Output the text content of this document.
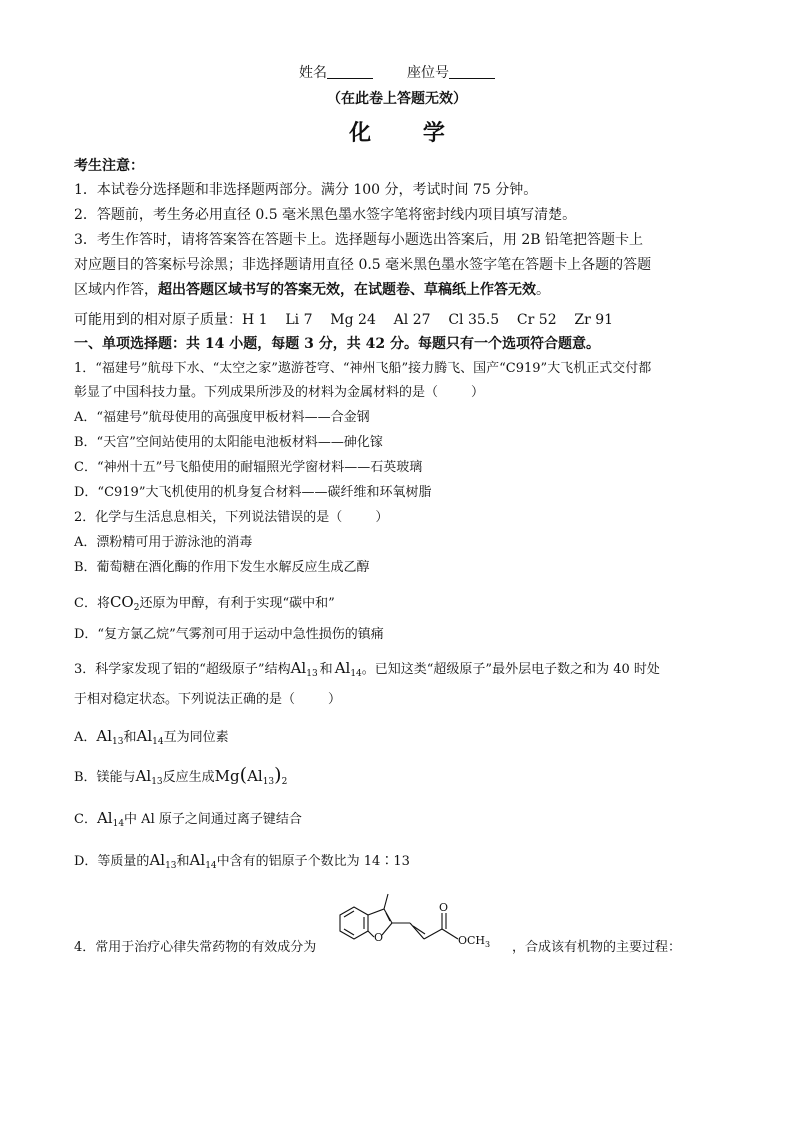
姓名	座位号
（在此卷上答题无效）
化 学
考生注意：
1．本试卷分选择题和非选择题两部分。满分 100 分，考试时间 75 分钟。
2．答题前，考生务必用直径 0.5 毫米黑色墨水签字笔将密封线内项目填写清楚。
3．考生作答时，请将答案答在答题卡上。选择题每小题选出答案后，用 2B 铅笔把答题卡上
对应题目的答案标号涂黑；非选择题请用直径 0.5 毫米黑色墨水签字笔在答题卡上各题的答题
区域内作答，超出答题区域书写的答案无效，在试题卷、草稿纸上作答无效。
可能用到的相对原子质量：H 1    Li 7    Mg 24    Al 27    Cl 35.5    Cr 52    Zr 91
一、单项选择题：共 14 小题，每题 3 分，共 42 分。每题只有一个选项符合题意。
1．“福建号”航母下水、“太空之家”遨游苍穹、“神州飞船”接力腾飞、国产“C919”大飞机正式交付都
彰显了中国科技力量。下列成果所涉及的材料为金属材料的是（        ）
A．“福建号”航母使用的高强度甲板材料——合金钢
B．“天宫”空间站使用的太阳能电池板材料——砷化镓
C．“神州十五”号飞船使用的耐辐照光学窗材料——石英玻璃
D．“C919”大飞机使用的机身复合材料——碳纤维和环氧树脂
2．化学与生活息息相关，下列说法错误的是（        ）
A．漂粉精可用于游泳池的消毒
B．葡萄糖在酒化酶的作用下发生水解反应生成乙醇
C．将$CO_2$还原为甲醇，有利于实现“碳中和”
D．“复方氯乙烷”气雾剂可用于运动中急性损伤的镇痛
3．科学家发现了铝的“超级原子”结构$Al_{13}$ 和 $Al_{14}$。已知这类“超级原子”最外层电子数之和为 40 时处
于相对稳定状态。下列说法正确的是（        ）
A．$Al_{13}$和$Al_{14}$互为同位素
B．镁能与$Al_{13}$反应生成$Mg(Al_{13})_2$
C．$Al_{14}$中 Al 原子之间通过离子键结合
D．等质量的$Al_{13}$和$Al_{14}$中含有的铝原子个数比为 14∶13
4．常用于治疗心律失常药物的有效成分为
O
O
$OCH_3$ ，合成该有机物的主要过程：
